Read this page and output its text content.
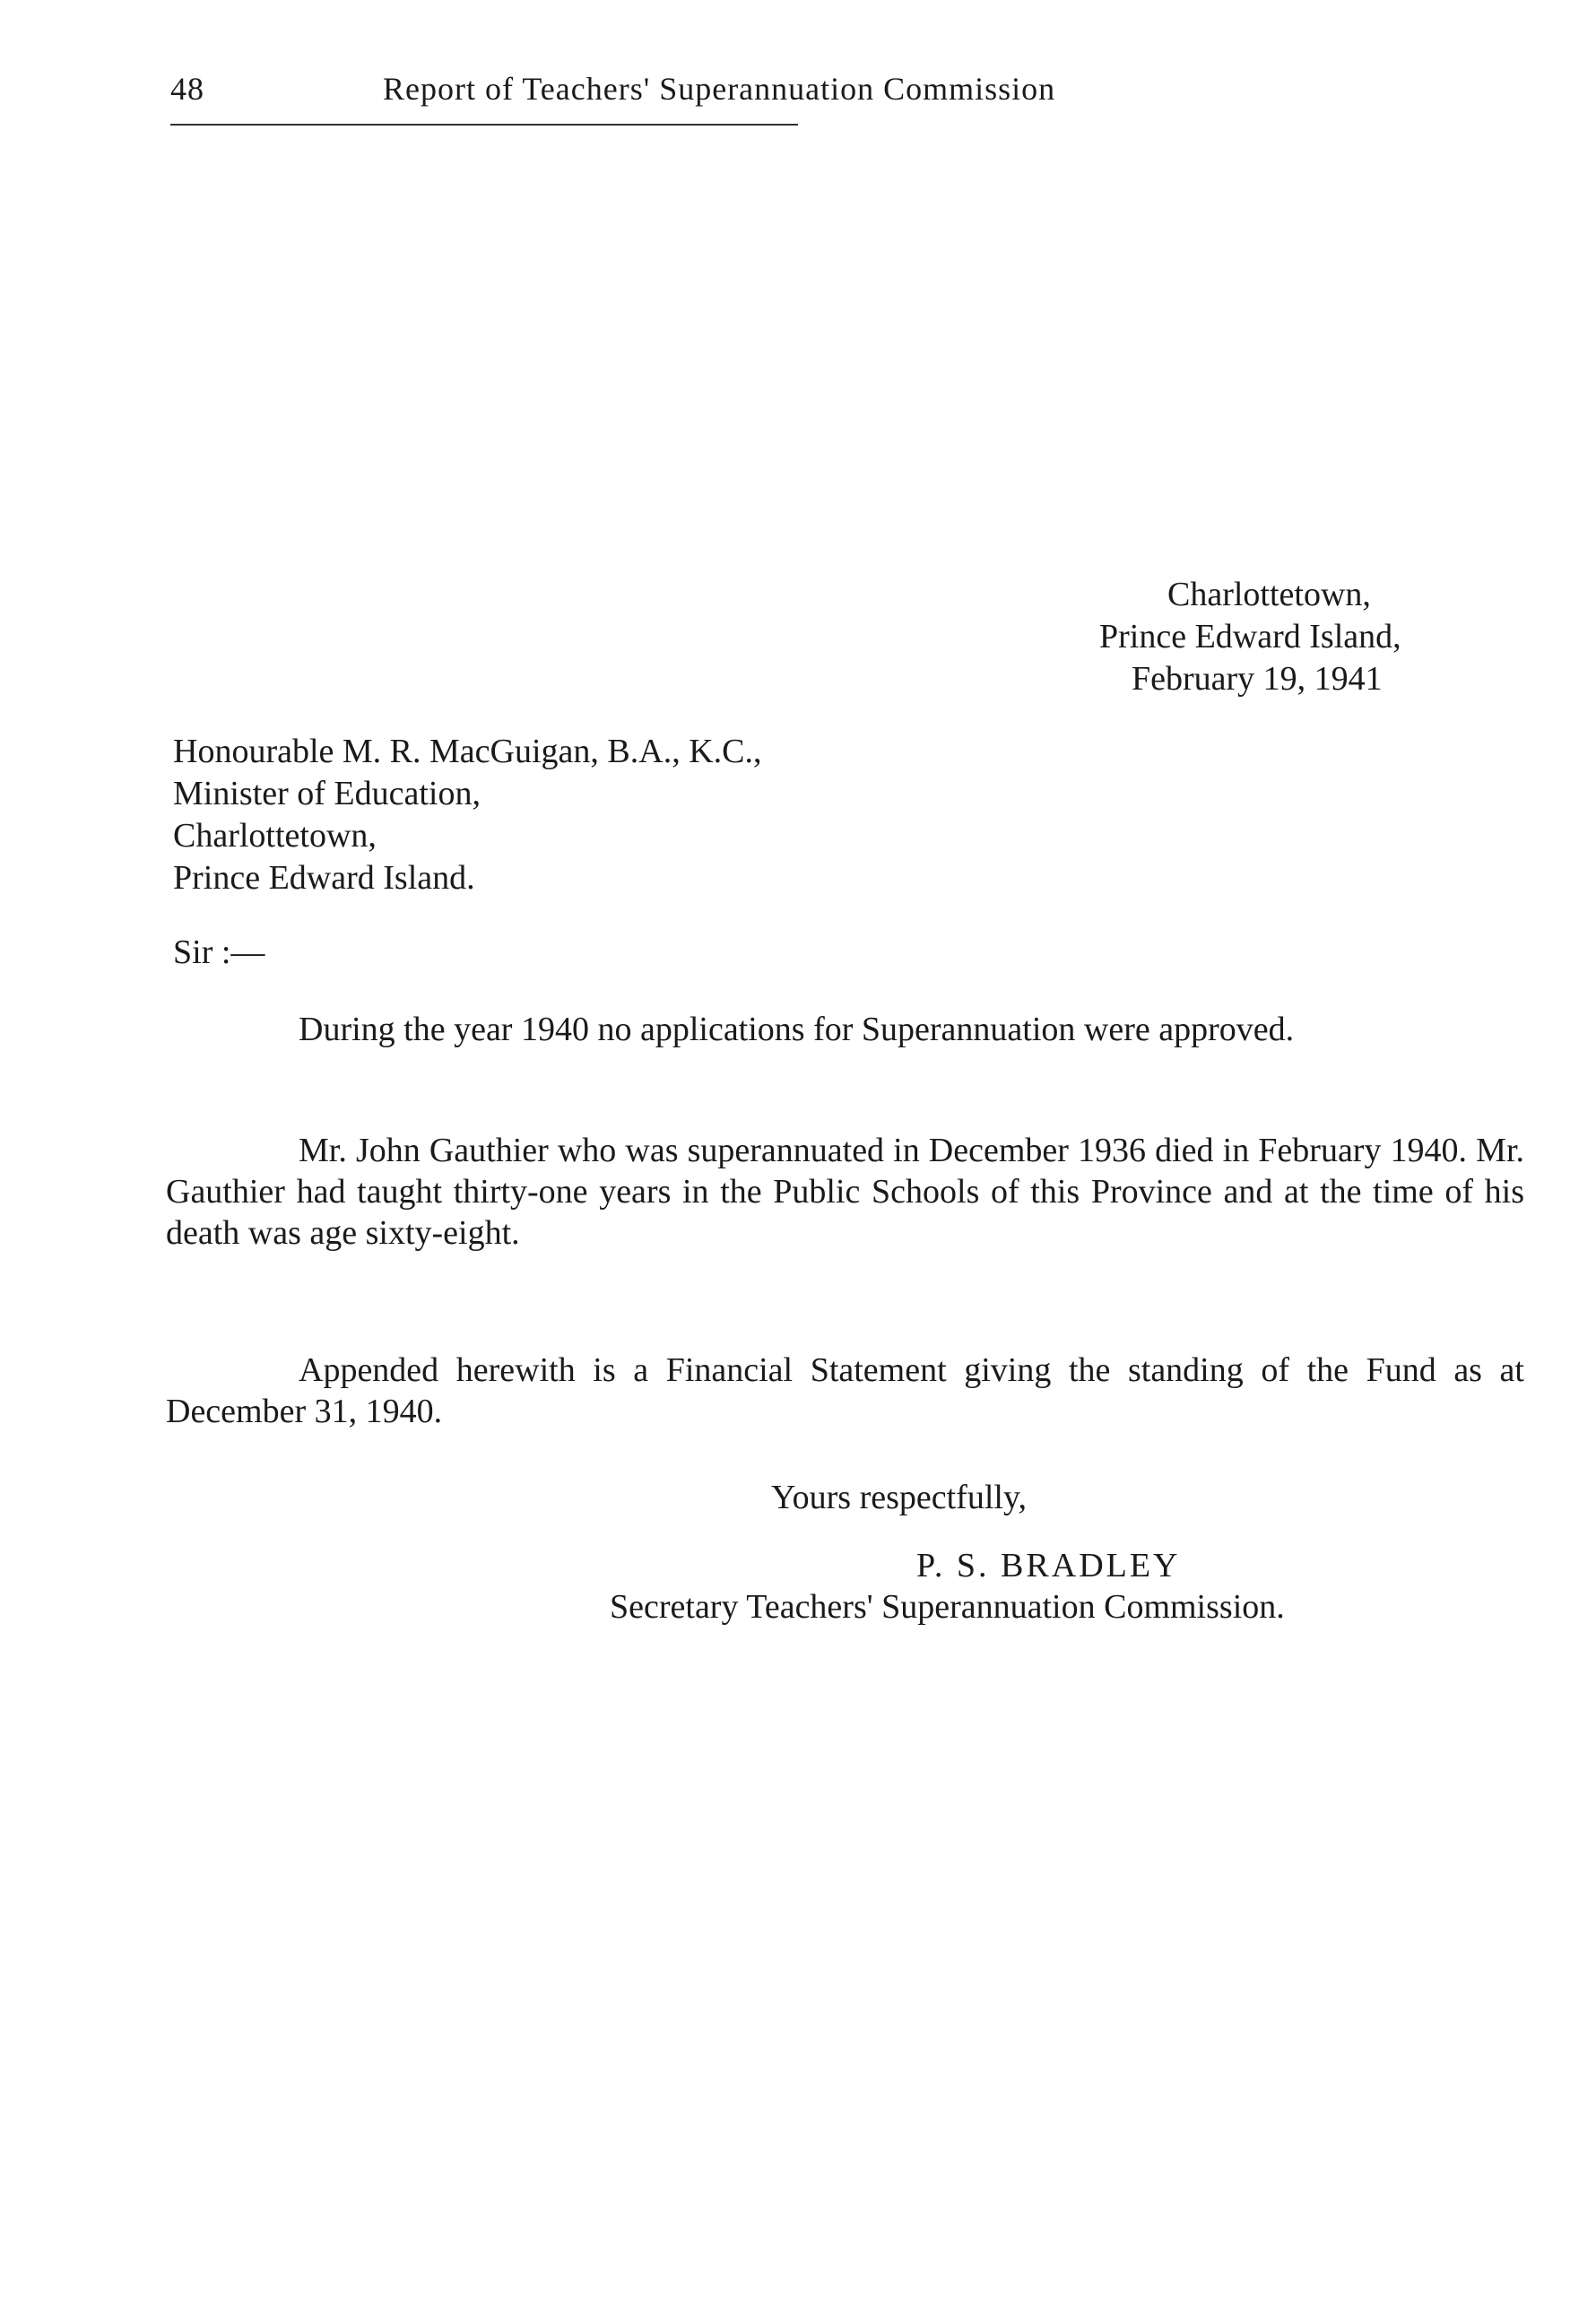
48	Report of Teachers' Superannuation Commission
Charlottetown,
Prince Edward Island,
February 19, 1941
Honourable M. R. MacGuigan, B.A., K.C.,
Minister of Education,
Charlottetown,
Prince Edward Island.
Sir :—

During the year 1940 no applications for Superannuation were approved.

Mr. John Gauthier who was superannuated in December 1936 died in February 1940. Mr. Gauthier had taught thirty-one years in the Public Schools of this Province and at the time of his death was age sixty-eight.

Appended herewith is a Financial Statement giving the standing of the Fund as at December 31, 1940.

Yours respectfully,
P. S. BRADLEY
Secretary Teachers' Superannuation Commission.
